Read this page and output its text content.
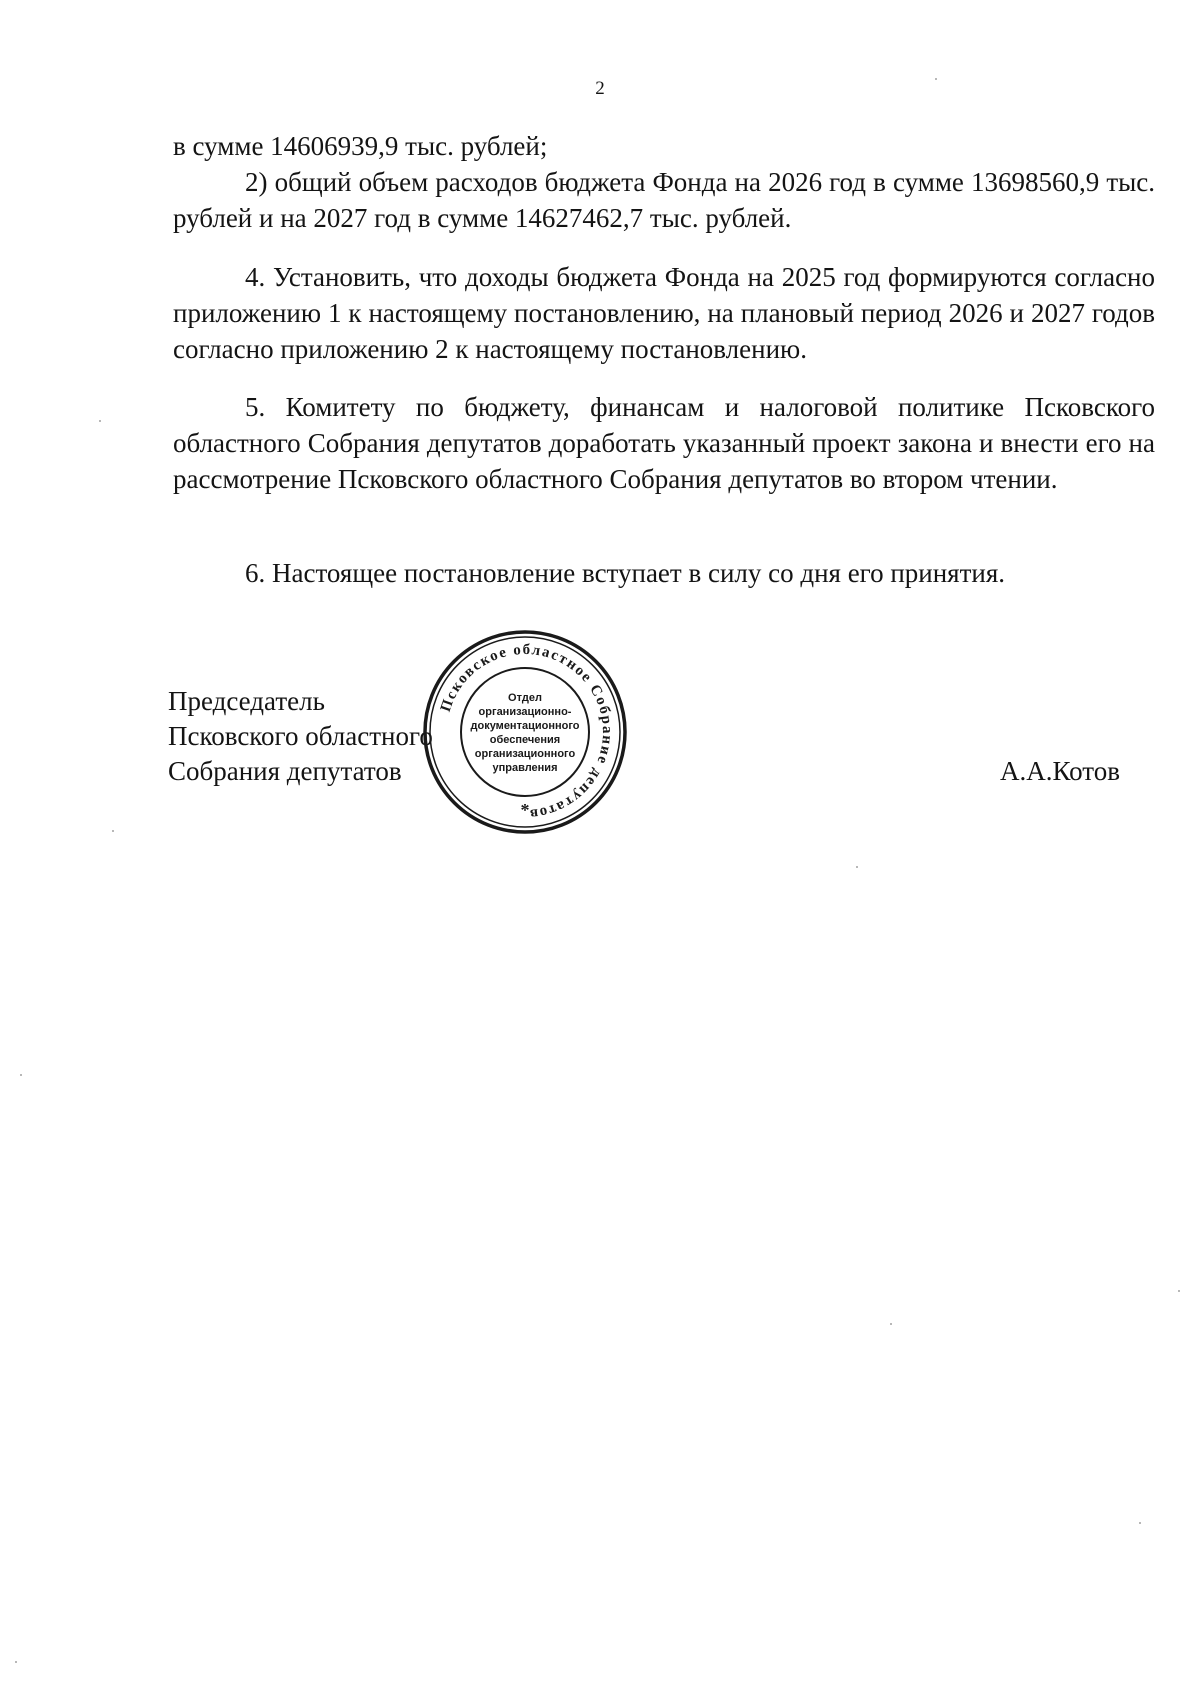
2
в сумме 14606939,9 тыс. рублей;
2) общий объем расходов бюджета Фонда на 2026 год в сумме 13698560,9 тыс. рублей и на 2027 год в сумме 14627462,7 тыс. рублей.
4. Установить, что доходы бюджета Фонда на 2025 год формируются согласно приложению 1 к настоящему постановлению, на плановый период 2026 и 2027 годов согласно приложению 2 к настоящему постановлению.
5. Комитету по бюджету, финансам и налоговой политике Псковского областного Собрания депутатов доработать указанный проект закона и внести его на рассмотрение Псковского областного Собрания депутатов во втором чтении.
6. Настоящее постановление вступает в силу со дня его принятия.
Председатель
Псковского областного
Собрания депутатов	А.А.Котов
Псковское областное Собрание депутатов
Отдел
организационно-
документационного
обеспечения
организационного
управления
*
